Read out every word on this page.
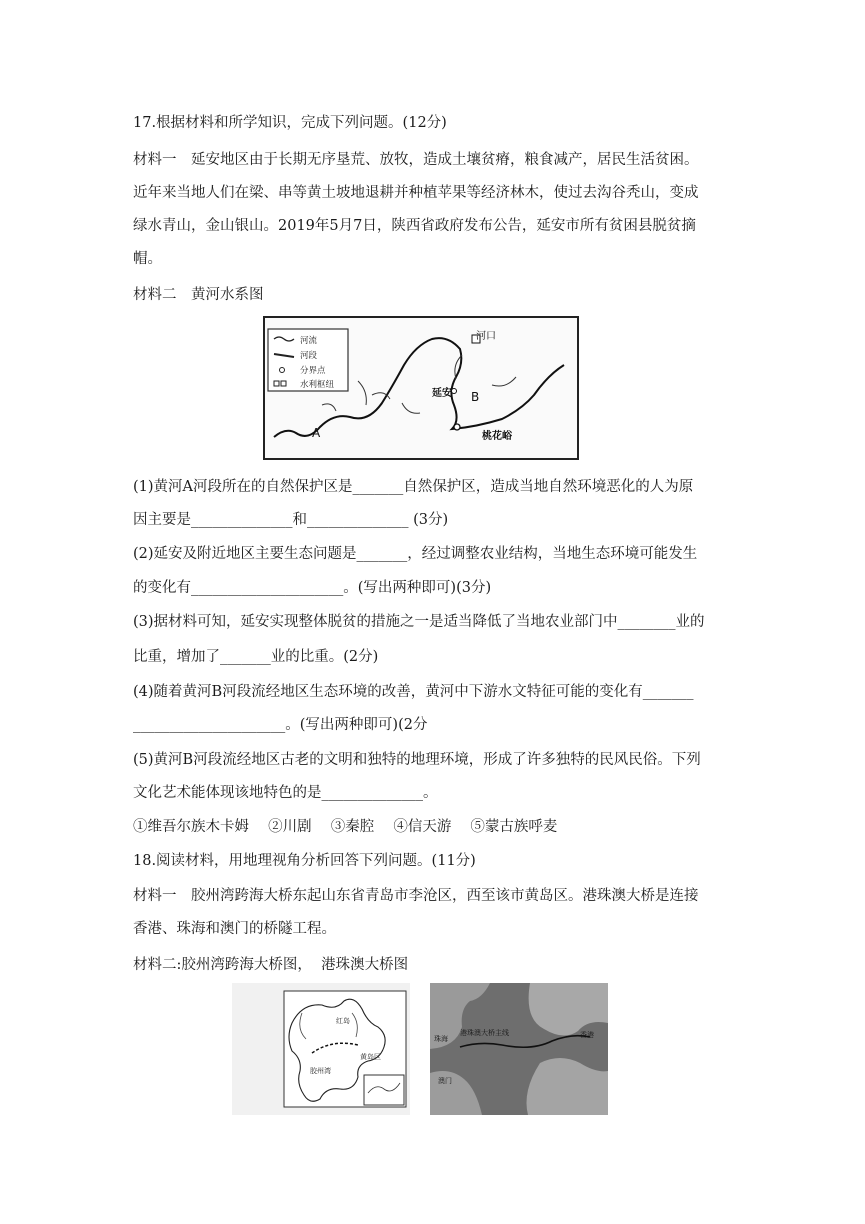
17.根据材料和所学知识，完成下列问题。(12分)
材料一　延安地区由于长期无序垦荒、放牧，造成土壤贫瘠，粮食减产，居民生活贫困。
近年来当地人们在梁、串等黄土坡地退耕并种植苹果等经济林木，使过去沟谷秃山，变成
绿水青山，金山银山。2019年5月7日，陕西省政府发布公告，延安市所有贫困县脱贫摘
帽。
材料二　黄河水系图
河流
河段
分界点
水利枢纽
河口
延安 B
A	桃花峪
(1)黄河A河段所在的自然保护区是_______自然保护区，造成当地自然环境恶化的人为原
因主要是______________和______________ (3分)
(2)延安及附近地区主要生态问题是_______，经过调整农业结构，当地生态环境可能发生
的变化有_____________________。(写出两种即可)(3分)
(3)据材料可知，延安实现整体脱贫的措施之一是适当降低了当地农业部门中________业的
比重，增加了_______业的比重。(2分)
(4)随着黄河B河段流经地区生态环境的改善，黄河中下游水文特征可能的变化有_______
_____________________。(写出两种即可)(2分
(5)黄河B河段流经地区古老的文明和独特的地理环境，形成了许多独特的民风民俗。下列
文化艺术能体现该地特色的是______________。
①维吾尔族木卡姆　 ②川剧　 ③秦腔　 ④信天游　 ⑤蒙古族呼麦
18.阅读材料，用地理视角分析回答下列问题。(11分)
材料一　胶州湾跨海大桥东起山东省青岛市李沧区，西至该市黄岛区。港珠澳大桥是连接
香港、珠海和澳门的桥隧工程。
材料二:胶州湾跨海大桥图，  港珠澳大桥图
红岛
黄岛区
胶州湾
珠海
港珠澳大桥主线	香港
澳门
